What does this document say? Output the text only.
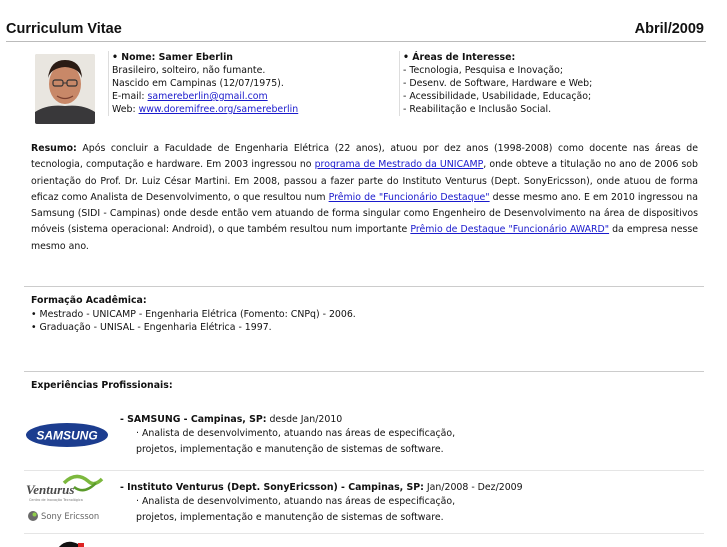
Curriculum Vitae	Abril/2009
• Nome: Samer Eberlin
Brasileiro, solteiro, não fumante.
Nascido em Campinas (12/07/1975).
E-mail: samereberlin@gmail.com
Web: www.doremifree.org/samereberlin
• Áreas de Interesse:
- Tecnologia, Pesquisa e Inovação;
- Desenv. de Software, Hardware e Web;
- Acessibilidade, Usabilidade, Educação;
- Reabilitação e Inclusão Social.
Resumo: Após concluir a Faculdade de Engenharia Elétrica (22 anos), atuou por dez anos (1998-2008) como docente nas áreas de tecnologia, computação e hardware. Em 2003 ingressou no programa de Mestrado da UNICAMP, onde obteve a titulação no ano de 2006 sob orientação do Prof. Dr. Luiz César Martini. Em 2008, passou a fazer parte do Instituto Venturus (Dept. SonyEricsson), onde atuou de forma eficaz como Analista de Desenvolvimento, o que resultou num Prêmio de "Funcionário Destaque" desse mesmo ano. E em 2010 ingressou na Samsung (SIDI - Campinas) onde desde então vem atuando de forma singular como Engenheiro de Desenvolvimento na área de dispositivos móveis (sistema operacional: Android), o que também resultou num importante Prêmio de Destaque "Funcionário AWARD" da empresa nesse mesmo ano.
Formação Acadêmica:
• Mestrado - UNICAMP - Engenharia Elétrica (Fomento: CNPq) - 2006.
• Graduação - UNISAL - Engenharia Elétrica - 1997.
Experiências Profissionais:
SAMSUNG
- SAMSUNG - Campinas, SP: desde Jan/2010
· Analista de desenvolvimento, atuando nas áreas de especificação,
projetos, implementação e manutenção de sistemas de software.
Venturus
Centro de Inovação Tecnológica
Sony Ericsson
- Instituto Venturus (Dept. SonyEricsson) - Campinas, SP: Jan/2008 - Dez/2009
· Analista de desenvolvimento, atuando nas áreas de especificação,
projetos, implementação e manutenção de sistemas de software.
